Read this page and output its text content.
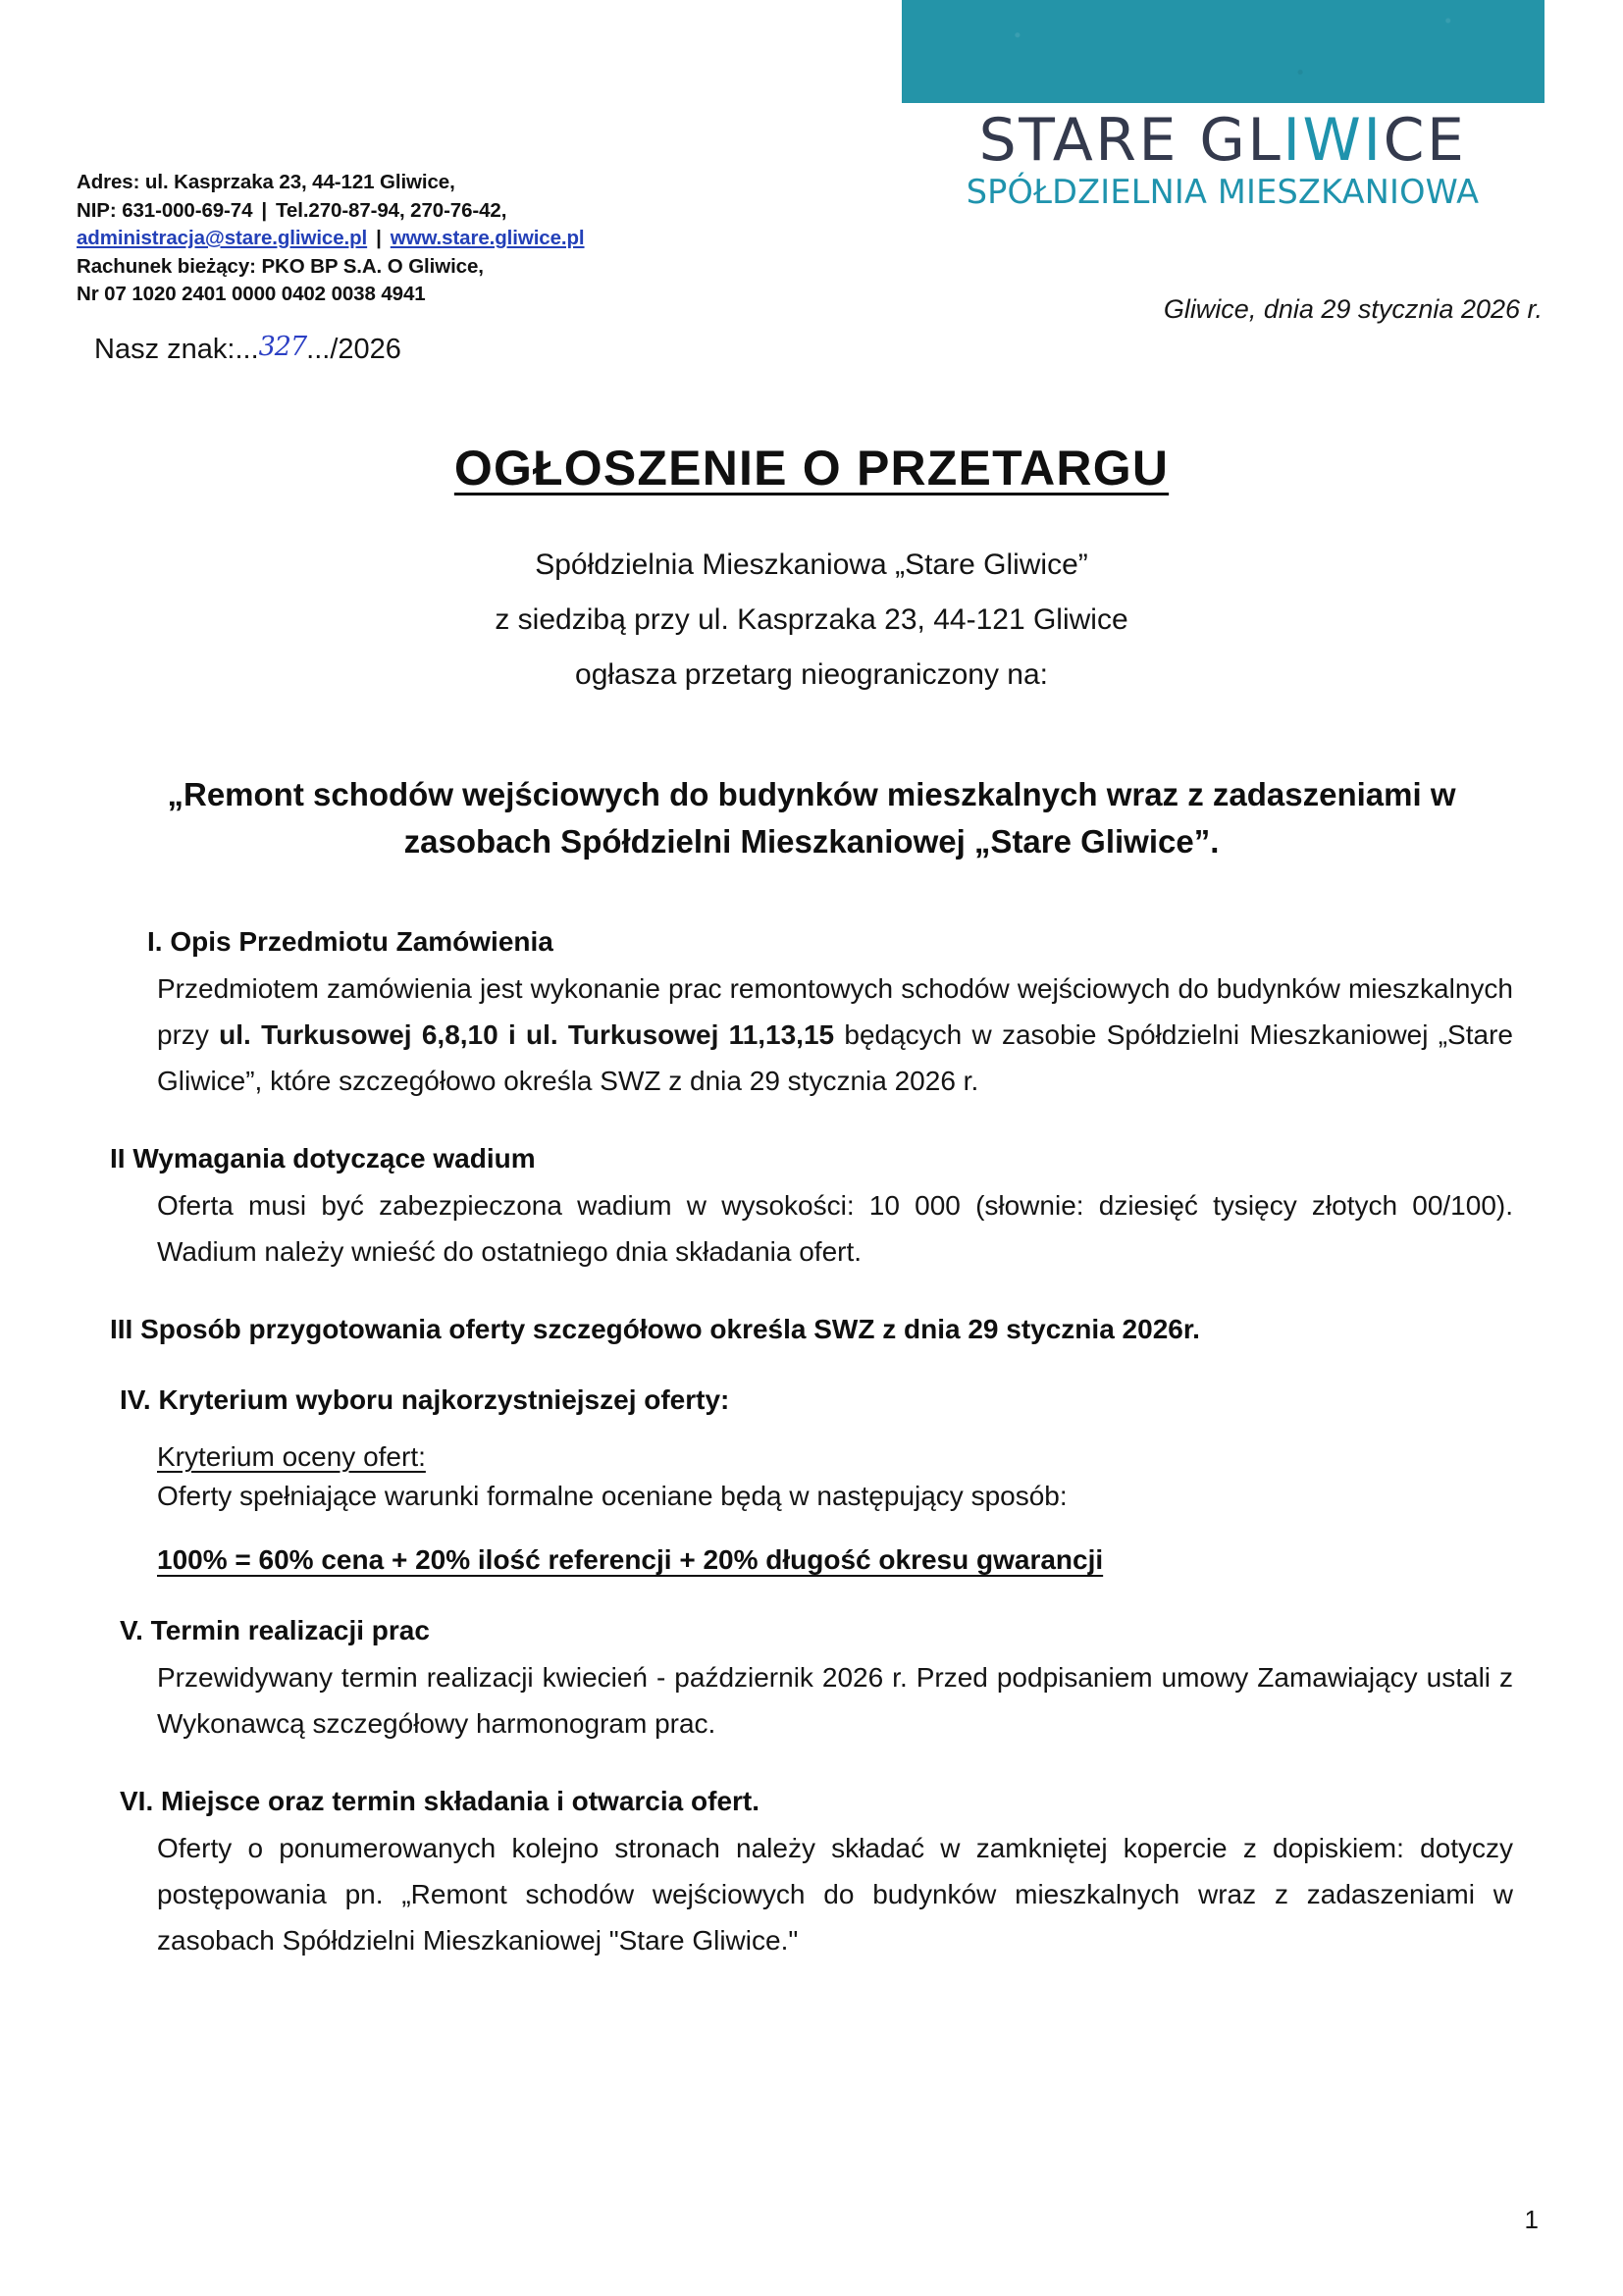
Adres: ul. Kasprzaka 23, 44-121 Gliwice,
NIP: 631-000-69-74 | Tel.270-87-94, 270-76-42,
administracja@stare.gliwice.pl | www.stare.gliwice.pl
Rachunek bieżący: PKO BP S.A. O Gliwice,
Nr 07 1020 2401 0000 0402 0038 4941
STARE GLIWICE
SPÓŁDZIELNIA MIESZKANIOWA
Gliwice, dnia 29 stycznia 2026 r.
Nasz znak:...327.../2026
OGŁOSZENIE O PRZETARGU
Spółdzielnia Mieszkaniowa „Stare Gliwice”
z siedzibą przy ul. Kasprzaka 23, 44-121 Gliwice
ogłasza przetarg nieograniczony na:
„Remont schodów wejściowych do budynków mieszkalnych wraz z zadaszeniami w zasobach Spółdzielni Mieszkaniowej „Stare Gliwice”.
I. Opis Przedmiotu Zamówienia
Przedmiotem zamówienia jest wykonanie prac remontowych schodów wejściowych do budynków mieszkalnych przy ul. Turkusowej 6,8,10 i ul. Turkusowej 11,13,15 będących w zasobie Spółdzielni Mieszkaniowej „Stare Gliwice”, które szczegółowo określa SWZ z dnia 29 stycznia 2026 r.
II Wymagania dotyczące wadium
Oferta musi być zabezpieczona wadium w wysokości: 10 000 (słownie: dziesięć tysięcy złotych 00/100). Wadium należy wnieść do ostatniego dnia składania ofert.
III Sposób przygotowania oferty szczegółowo określa SWZ z dnia 29 stycznia 2026r.
IV. Kryterium wyboru najkorzystniejszej oferty:
Kryterium oceny ofert:
Oferty spełniające warunki formalne oceniane będą w następujący sposób:
100% = 60% cena + 20% ilość referencji + 20% długość okresu gwarancji
V. Termin realizacji prac
Przewidywany termin realizacji kwiecień - październik 2026 r. Przed podpisaniem umowy Zamawiający ustali z Wykonawcą szczegółowy harmonogram prac.
VI. Miejsce oraz termin składania i otwarcia ofert.
Oferty o ponumerowanych kolejno stronach należy składać w zamkniętej kopercie z dopiskiem: dotyczy postępowania pn. „Remont schodów wejściowych do budynków mieszkalnych wraz z zadaszeniami w zasobach Spółdzielni Mieszkaniowej "Stare Gliwice."
1
